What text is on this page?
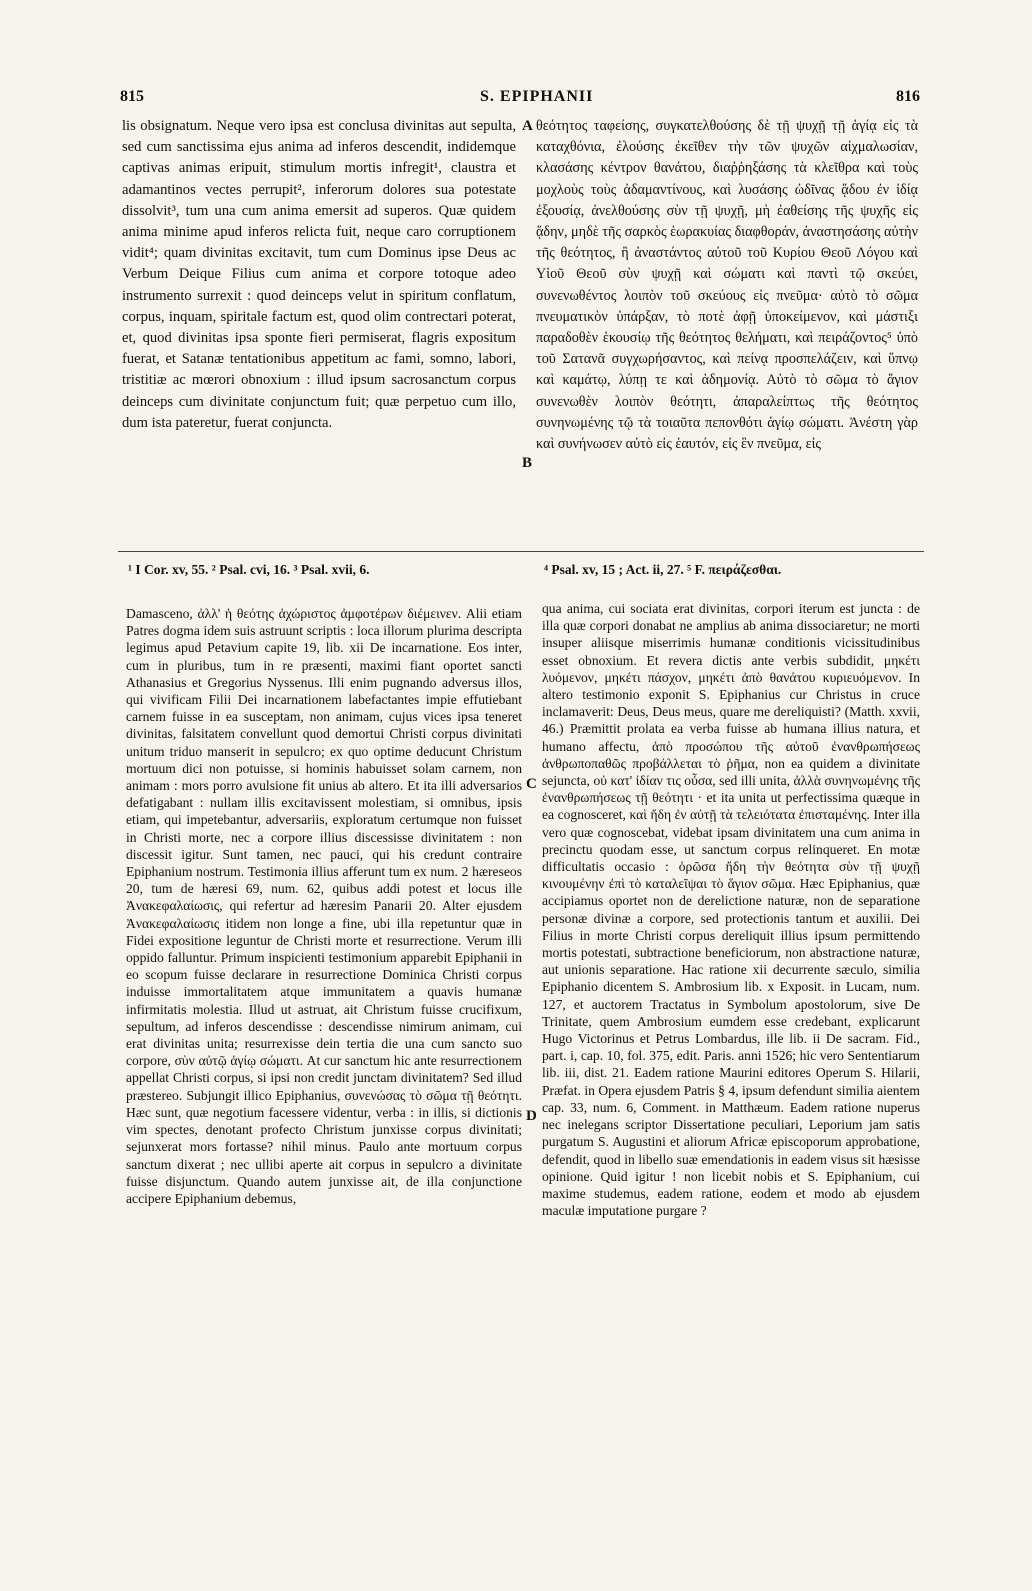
815	S. EPIPHANII	816

lis obsignatum. Neque vero ipsa est conclusa divinitas aut sepulta, sed cum sanctissima ejus anima ad inferos descendit, indidemque captivas animas eripuit, stimulum mortis infregit¹, claustra et adamantinos vectes perrupit², inferorum dolores sua potestate dissolvit³, tum una cum anima emersit ad superos. Quæ quidem anima minime apud inferos relicta fuit, neque caro corruptionem vidit⁴; quam divinitas excitavit, tum cum Dominus ipse Deus ac Verbum Deique Filius cum anima et corpore totoque adeo instrumento surrexit : quod deinceps velut in spiritum conflatum, corpus, inquam, spiritale factum est, quod olim contrectari poterat, et, quod divinitas ipsa sponte fieri permiserat, flagris expositum fuerat, et Satanæ tentationibus appetitum ac fami, somno, labori, tristitiæ ac mœrori obnoxium : illud ipsum sacrosanctum corpus deinceps cum divinitate conjunctum fuit; quæ perpetuo cum illo, dum ista pateretur, fuerat conjuncta.

θεότητος ταφείσης, συγκατελθούσης δὲ τῇ ψυχῇ τῇ ἁγίᾳ εἰς τὰ καταχθόνια, ἐλούσης ἐκεῖθεν τὴν τῶν ψυχῶν αἰχμαλωσίαν, κλασάσης κέντρον θανάτου, διαῤῥηξάσης τὰ κλεῖθρα καὶ τοὺς μοχλοὺς τοὺς ἀδαμαντίνους, καὶ λυσάσης ὠδῖνας ᾅδου ἐν ἰδίᾳ ἐξουσίᾳ, ἀνελθούσης σὺν τῇ ψυχῇ, μὴ ἐαθείσης τῆς ψυχῆς εἰς ᾅδην, μηδὲ τῆς σαρκὸς ἑωρακυίας διαφθοράν, ἀναστησάσης αὐτὴν τῆς θεότητος, ἢ ἀναστάντος αὐτοῦ τοῦ Κυρίου Θεοῦ Λόγου καὶ Υἱοῦ Θεοῦ σὺν ψυχῇ καὶ σώματι καὶ παντὶ τῷ σκεύει, συνενωθέντος λοιπὸν τοῦ σκεύους εἰς πνεῦμα· αὐτὸ τὸ σῶμα πνευματικὸν ὑπάρξαν, τὸ ποτὲ ἀφῇ ὑποκείμενον, καὶ μάστιξι παραδοθὲν ἑκουσίῳ τῆς θεότητος θελήματι, καὶ πειράζοντος⁵ ὑπὸ τοῦ Σατανᾶ συγχωρήσαντος, καὶ πείνᾳ προσπελάζειν, καὶ ὕπνῳ καὶ καμάτῳ, λύπῃ τε καὶ ἀδημονίᾳ. Αὐτὸ τὸ σῶμα τὸ ἅγιον συνενωθὲν λοιπὸν θεότητι, ἀπαραλείπτως τῆς θεότητος συνηνωμένης τῷ τὰ τοιαῦτα πεπονθότι ἁγίῳ σώματι. Ἀνέστη γὰρ καὶ συνήνωσεν αὐτὸ εἰς ἑαυτόν, εἰς ἓν πνεῦμα, εἰς

A
B
C
D
¹ I Cor. xv, 55. ² Psal. cvi, 16. ³ Psal. xvii, 6.	⁴ Psal. xv, 15 ; Act. ii, 27. ⁵ F. πειράζεσθαι.

Damasceno, ἀλλ' ἡ θεότης ἀχώριστος ἀμφοτέρων διέμεινεν. Alii etiam Patres dogma idem suis astruunt scriptis : loca illorum plurima descripta legimus apud Petavium capite 19, lib. xii De incarnatione. Eos inter, cum in pluribus, tum in re præsenti, maximi fiant oportet sancti Athanasius et Gregorius Nyssenus. Illi enim pugnando adversus illos, qui vivificam Filii Dei incarnationem labefactantes impie effutiebant carnem fuisse in ea susceptam, non animam, cujus vices ipsa teneret divinitas, falsitatem convellunt quod demortui Christi corpus divinitati unitum triduo manserit in sepulcro; ex quo optime deducunt Christum mortuum dici non potuisse, si hominis habuisset solam carnem, non animam : mors porro avulsione fit unius ab altero. Et ita illi adversarios defatigabant : nullam illis excitavissent molestiam, si omnibus, ipsis etiam, qui impetebantur, adversariis, exploratum certumque non fuisset in Christi morte, nec a corpore illius discessisse divinitatem : non discessit igitur. Sunt tamen, nec pauci, qui his credunt contraire Epiphanium nostrum. Testimonia illius afferunt tum ex num. 2 hæreseos 20, tum de hæresi 69, num. 62, quibus addi potest et locus ille Ἀνακεφαλαίωσις, qui refertur ad hæresim Panarii 20. Alter ejusdem Ἀνακεφαλαίωσις itidem non longe a fine, ubi illa repetuntur quæ in Fidei expositione leguntur de Christi morte et resurrectione. Verum illi oppido falluntur. Primum inspicienti testimonium apparebit Epiphanii in eo scopum fuisse declarare in resurrectione Dominica Christi corpus induisse immortalitatem atque immunitatem a quavis humanæ infirmitatis molestia. Illud ut astruat, ait Christum fuisse crucifixum, sepultum, ad inferos descendisse : descendisse nimirum animam, cui erat divinitas unita; resurrexisse dein tertia die una cum sancto suo corpore, σὺν αὐτῷ ἁγίῳ σώματι. At cur sanctum hic ante resurrectionem appellat Christi corpus, si ipsi non credit junctam divinitatem? Sed illud præstereo. Subjungit illico Epiphanius, συνενώσας τὸ σῶμα τῇ θεότητι. Hæc sunt, quæ negotium facessere videntur, verba : in illis, si dictionis vim spectes, denotant profecto Christum junxisse corpus divinitati; sejunxerat mors fortasse? nihil minus. Paulo ante mortuum corpus sanctum dixerat ; nec ullibi aperte ait corpus in sepulcro a divinitate fuisse disjunctum. Quando autem junxisse ait, de illa conjunctione accipere Epiphanium debemus,

qua anima, cui sociata erat divinitas, corpori iterum est juncta : de illa quæ corpori donabat ne amplius ab anima dissociaretur; ne morti insuper aliisque miserrimis humanæ conditionis vicissitudinibus esset obnoxium. Et revera dictis ante verbis subdidit, μηκέτι λυόμενον, μηκέτι πάσχον, μηκέτι ἀπὸ θανάτου κυριευόμενον. In altero testimonio exponit S. Epiphanius cur Christus in cruce inclamaverit: Deus, Deus meus, quare me dereliquisti? (Matth. xxvii, 46.) Præmittit prolata ea verba fuisse ab humana illius natura, et humano affectu, ἀπὸ προσώπου τῆς αὐτοῦ ἐνανθρωπήσεως ἀνθρωποπαθῶς προβάλλεται τὸ ῥῆμα, non ea quidem a divinitate sejuncta, οὐ κατ' ἰδίαν τις οὖσα, sed illi unita, ἀλλὰ συνηνωμένης τῆς ἐνανθρωπήσεως τῇ θεότητι · et ita unita ut perfectissima quæque in ea cognosceret, καὶ ἤδη ἐν αὐτῇ τὰ τελειότατα ἐπισταμένης. Inter illa vero quæ cognoscebat, videbat ipsam divinitatem una cum anima in precinctu quodam esse, ut sanctum corpus relinqueret. En motæ difficultatis occasio : ὁρῶσα ἤδη τὴν θεότητα σὺν τῇ ψυχῇ κινουμένην ἐπὶ τὸ καταλεῖψαι τὸ ἅγιον σῶμα. Hæc Epiphanius, quæ accipiamus oportet non de derelictione naturæ, non de separatione personæ divinæ a corpore, sed protectionis tantum et auxilii. Dei Filius in morte Christi corpus dereliquit illius ipsum permittendo mortis potestati, subtractione beneficiorum, non abstractione naturæ, aut unionis separatione. Hac ratione xii decurrente sæculo, similia Epiphanio dicentem S. Ambrosium lib. x Exposit. in Lucam, num. 127, et auctorem Tractatus in Symbolum apostolorum, sive De Trinitate, quem Ambrosium eumdem esse credebant, explicarunt Hugo Victorinus et Petrus Lombardus, ille lib. ii De sacram. Fid., part. i, cap. 10, fol. 375, edit. Paris. anni 1526; hic vero Sententiarum lib. iii, dist. 21. Eadem ratione Maurini editores Operum S. Hilarii, Præfat. in Opera ejusdem Patris § 4, ipsum defendunt similia aientem cap. 33, num. 6, Comment. in Matthæum. Eadem ratione nuperus nec inelegans scriptor Dissertatione peculiari, Leporium jam satis purgatum S. Augustini et aliorum Africæ episcoporum approbatione, defendit, quod in libello suæ emendationis in eadem visus sit hæsisse opinione. Quid igitur ! non licebit nobis et S. Epiphanium, cui maxime studemus, eadem ratione, eodem et modo ab ejusdem maculæ imputatione purgare ?
